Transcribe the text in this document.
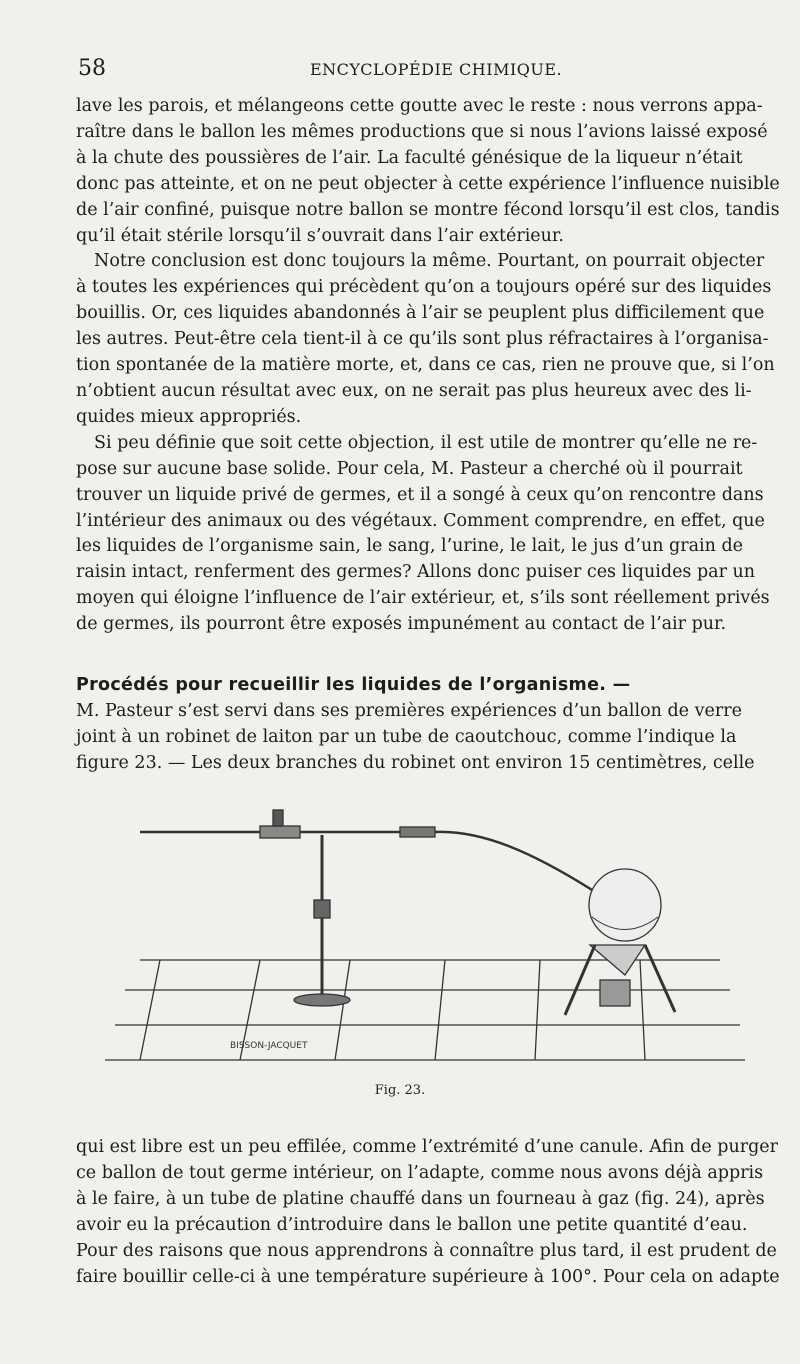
58	ENCYCLOPÉDIE CHIMIQUE.

lave les parois, et mélangeons cette goutte avec le reste : nous verrons appa-
raître dans le ballon les mêmes productions que si nous l’avions laissé exposé
à la chute des poussières de l’air. La faculté génésique de la liqueur n’était
donc pas atteinte, et on ne peut objecter à cette expérience l’influence nuisible
de l’air confiné, puisque notre ballon se montre fécond lorsqu’il est clos, tandis
qu’il était stérile lorsqu’il s’ouvrait dans l’air extérieur.

Notre conclusion est donc toujours la même. Pourtant, on pourrait objecter
à toutes les expériences qui précèdent qu’on a toujours opéré sur des liquides
bouillis. Or, ces liquides abandonnés à l’air se peuplent plus difficilement que
les autres. Peut-être cela tient-il à ce qu’ils sont plus réfractaires à l’organisa-
tion spontanée de la matière morte, et, dans ce cas, rien ne prouve que, si l’on
n’obtient aucun résultat avec eux, on ne serait pas plus heureux avec des li-
quides mieux appropriés.

Si peu définie que soit cette objection, il est utile de montrer qu’elle ne re-
pose sur aucune base solide. Pour cela, M. Pasteur a cherché où il pourrait
trouver un liquide privé de germes, et il a songé à ceux qu’on rencontre dans
l’intérieur des animaux ou des végétaux. Comment comprendre, en effet, que
les liquides de l’organisme sain, le sang, l’urine, le lait, le jus d’un grain de
raisin intact, renferment des germes? Allons donc puiser ces liquides par un
moyen qui éloigne l’influence de l’air extérieur, et, s’ils sont réellement privés
de germes, ils pourront être exposés impunément au contact de l’air pur.

Procédés pour recueillir les liquides de l’organisme. —
M. Pasteur s’est servi dans ses premières expériences d’un ballon de verre
joint à un robinet de laiton par un tube de caoutchouc, comme l’indique la
figure 23. — Les deux branches du robinet ont environ 15 centimètres, celle
BISSON-JACQUET
Fig. 23.
qui est libre est un peu effilée, comme l’extrémité d’une canule. Afin de purger
ce ballon de tout germe intérieur, on l’adapte, comme nous avons déjà appris
à le faire, à un tube de platine chauffé dans un fourneau à gaz (fig. 24), après
avoir eu la précaution d’introduire dans le ballon une petite quantité d’eau.
Pour des raisons que nous apprendrons à connaître plus tard, il est prudent de
faire bouillir celle-ci à une température supérieure à 100°. Pour cela on adapte
